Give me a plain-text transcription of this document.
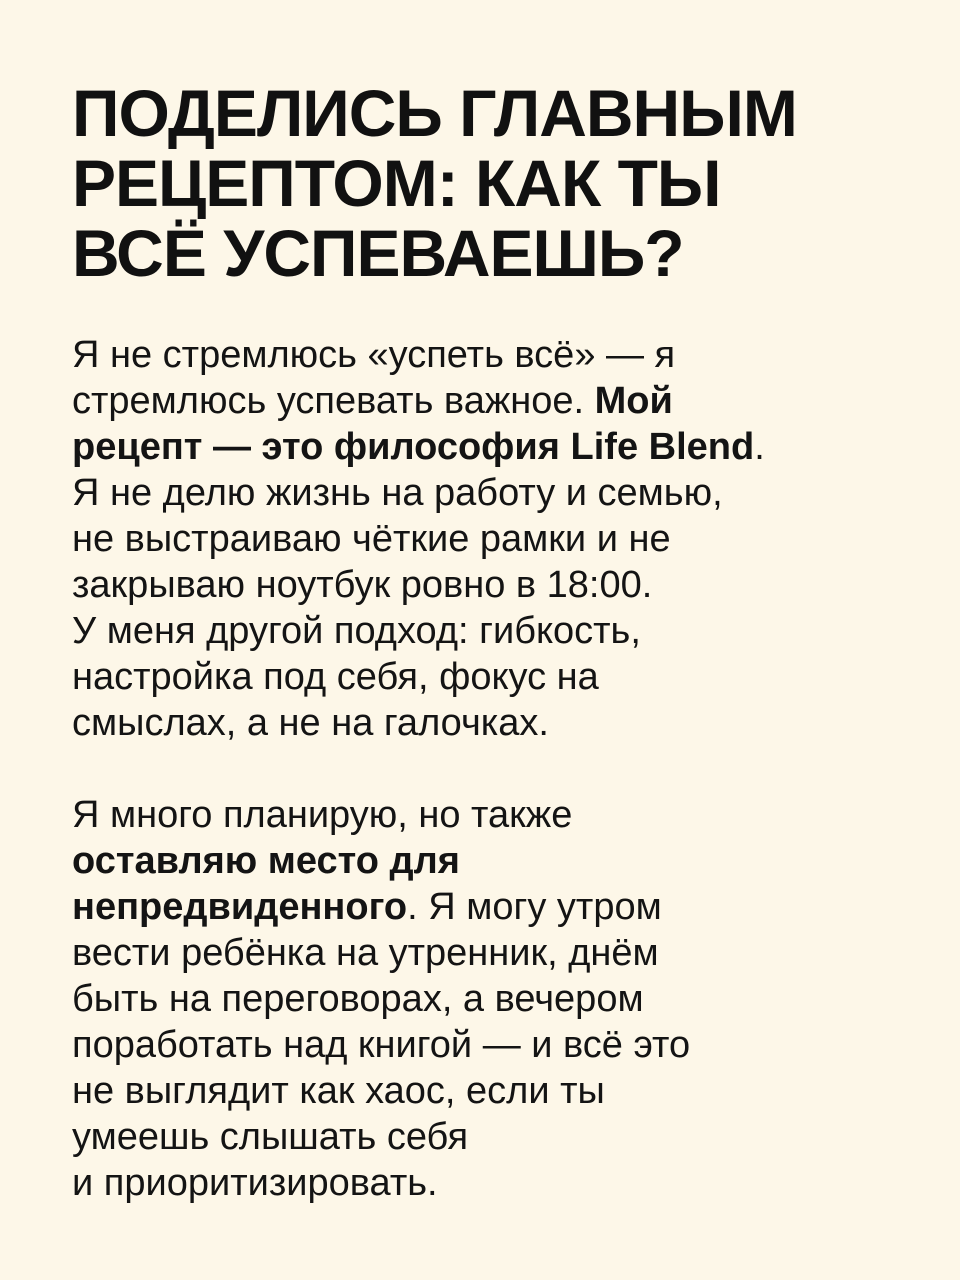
ПОДЕЛИСЬ ГЛАВНЫМ
РЕЦЕПТОМ: КАК ТЫ
ВСЁ УСПЕВАЕШЬ?
Я не стремлюсь «успеть всё» — я
стремлюсь успевать важное. Мой
рецепт — это философия Life Blend.
Я не делю жизнь на работу и семью,
не выстраиваю чёткие рамки и не
закрываю ноутбук ровно в 18:00.
У меня другой подход: гибкость,
настройка под себя, фокус на
смыслах, а не на галочках.
Я много планирую, но также
оставляю место для
непредвиденного. Я могу утром
вести ребёнка на утренник, днём
быть на переговорах, а вечером
поработать над книгой — и всё это
не выглядит как хаос, если ты
умеешь слышать себя
и приоритизировать.
